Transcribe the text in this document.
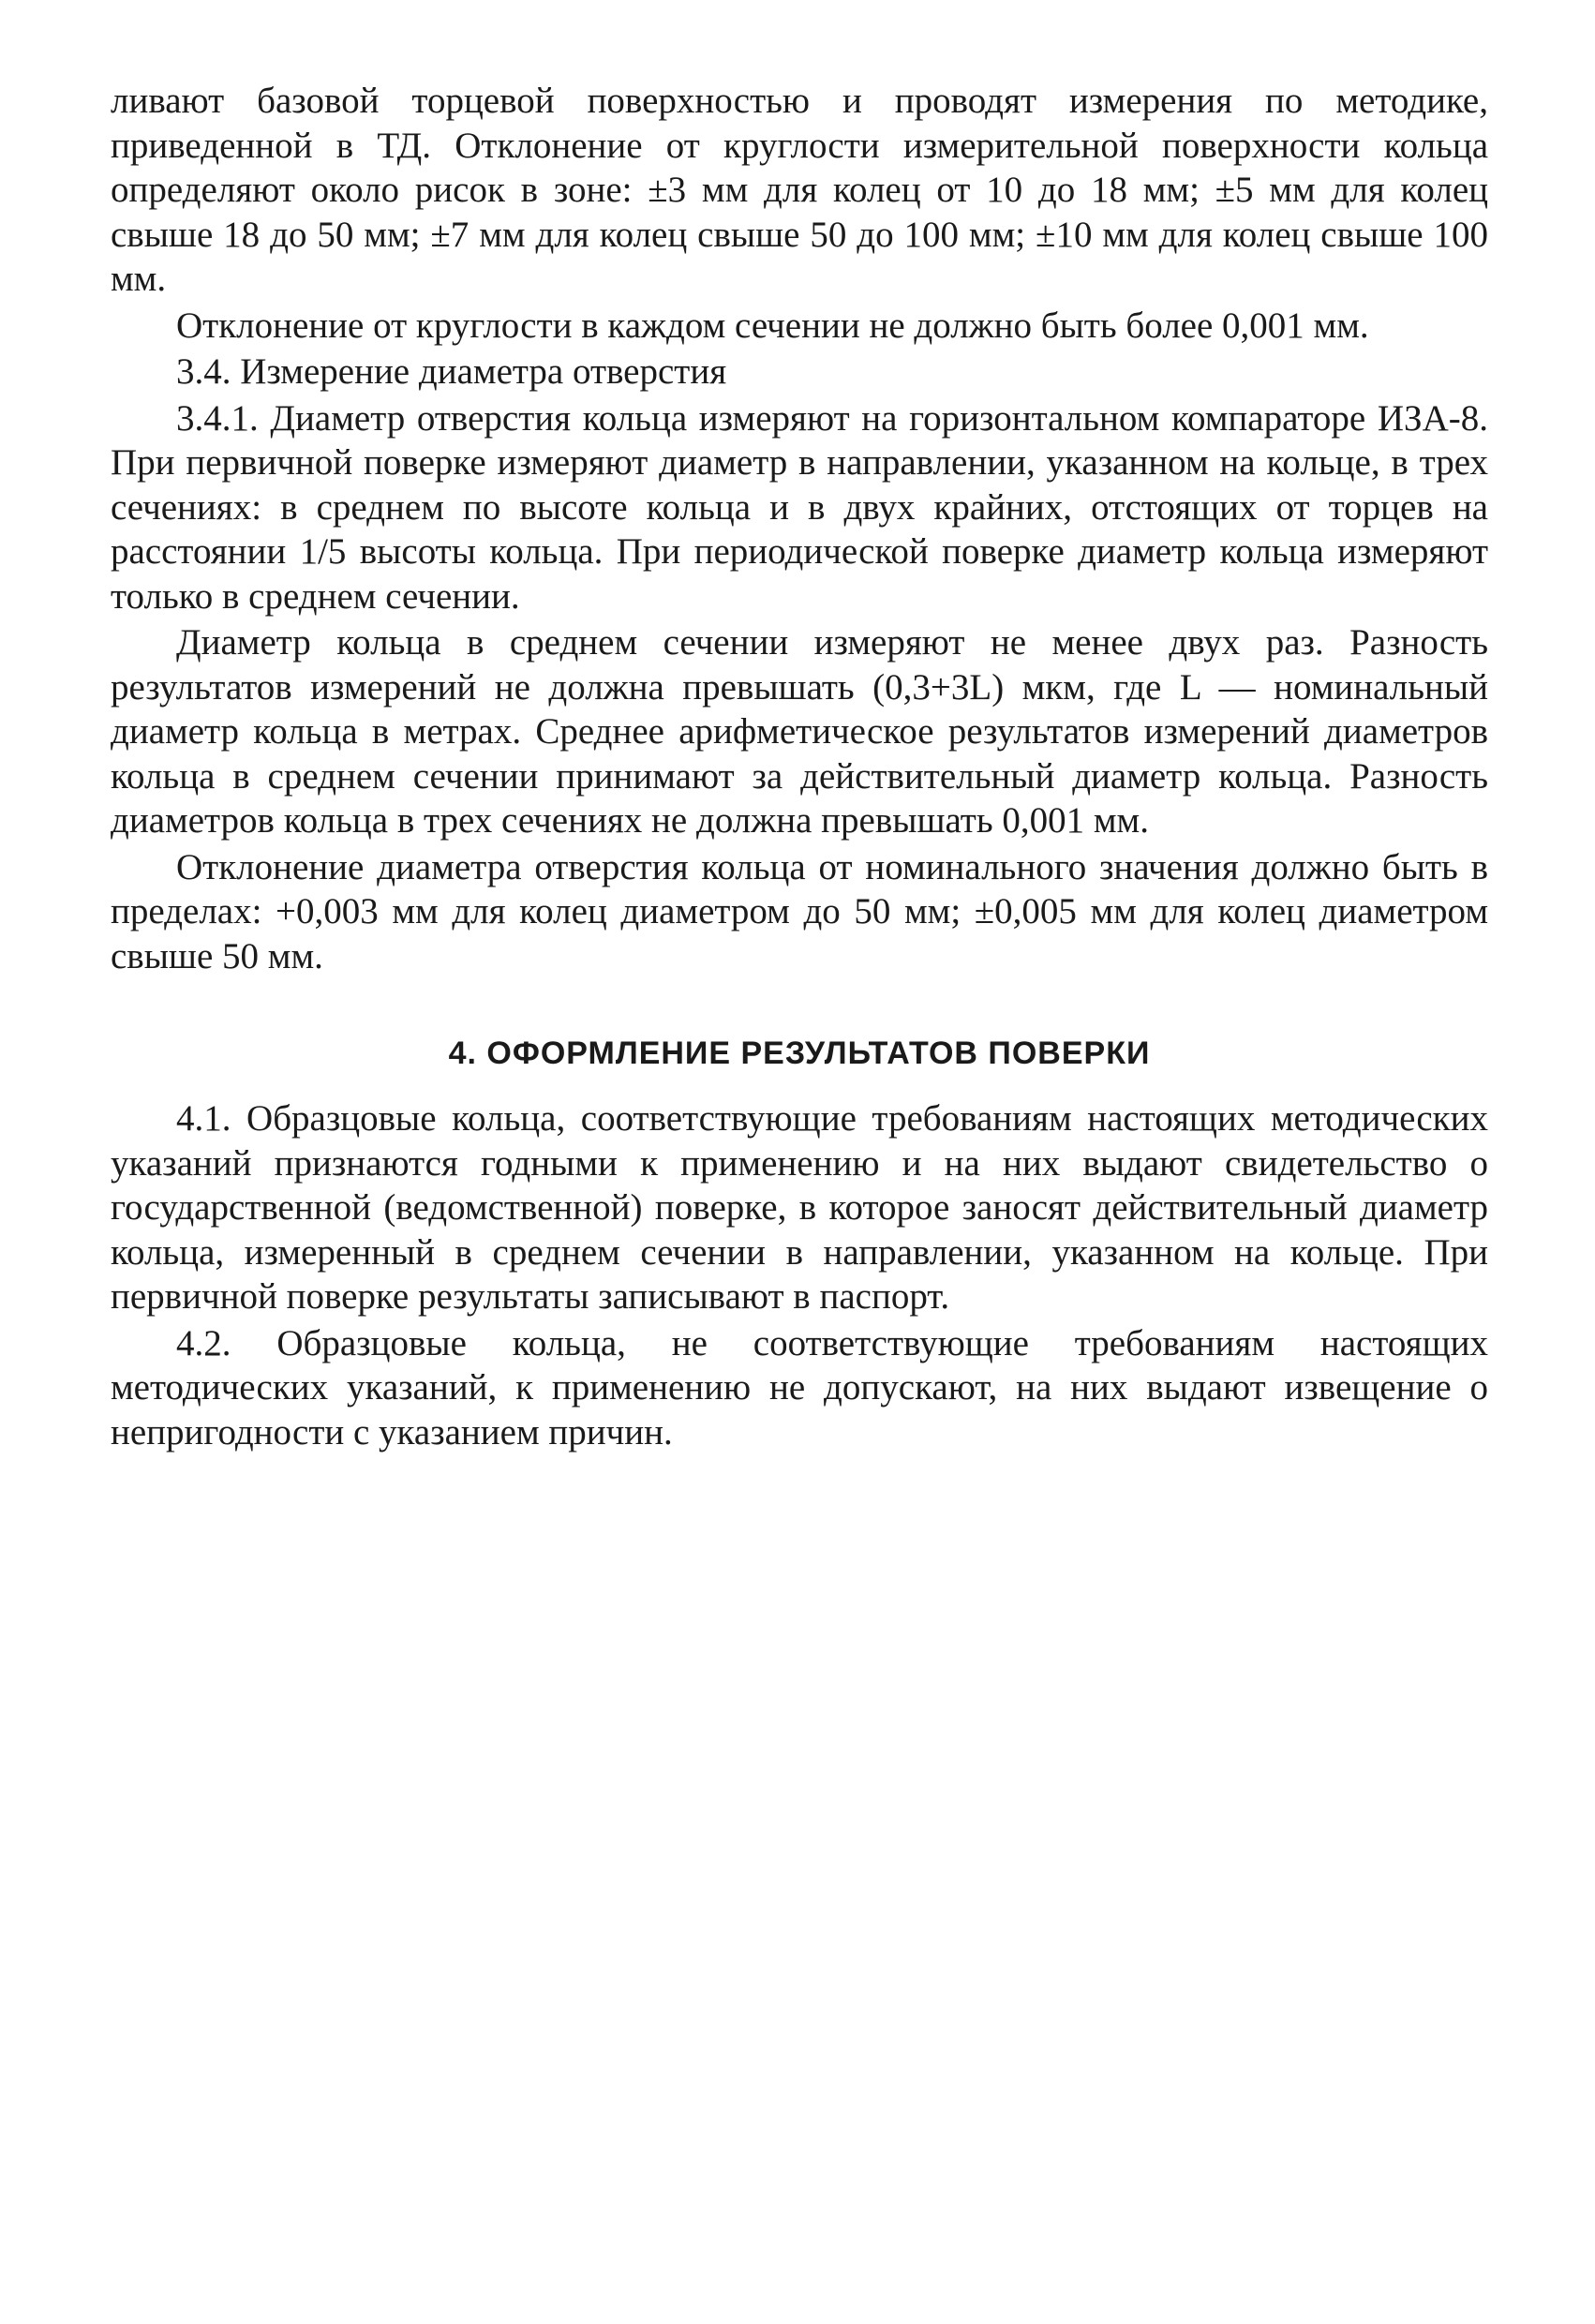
ливают базовой торцевой поверхностью и проводят измерения по методике, приведенной в ТД. Отклонение от круглости измерительной поверхности кольца определяют около рисок в зоне: ±3 мм для колец от 10 до 18 мм; ±5 мм для колец свыше 18 до 50 мм; ±7 мм для колец свыше 50 до 100 мм; ±10 мм для колец свыше 100 мм.

Отклонение от круглости в каждом сечении не должно быть более 0,001 мм.

3.4. Измерение диаметра отверстия

3.4.1. Диаметр отверстия кольца измеряют на горизонтальном компараторе ИЗА-8. При первичной поверке измеряют диаметр в направлении, указанном на кольце, в трех сечениях: в среднем по высоте кольца и в двух крайних, отстоящих от торцев на расстоянии 1/5 высоты кольца. При периодической поверке диаметр кольца измеряют только в среднем сечении.

Диаметр кольца в среднем сечении измеряют не менее двух раз. Разность результатов измерений не должна превышать (0,3+3L) мкм, где L — номинальный диаметр кольца в метрах. Среднее арифметическое результатов измерений диаметров кольца в среднем сечении принимают за действительный диаметр кольца. Разность диаметров кольца в трех сечениях не должна превышать 0,001 мм.

Отклонение диаметра отверстия кольца от номинального значения должно быть в пределах: +0,003 мм для колец диаметром до 50 мм; ±0,005 мм для колец диаметром свыше 50 мм.

4. ОФОРМЛЕНИЕ РЕЗУЛЬТАТОВ ПОВЕРКИ

4.1. Образцовые кольца, соответствующие требованиям настоящих методических указаний признаются годными к применению и на них выдают свидетельство о государственной (ведомственной) поверке, в которое заносят действительный диаметр кольца, измеренный в среднем сечении в направлении, указанном на кольце. При первичной поверке результаты записывают в паспорт.

4.2. Образцовые кольца, не соответствующие требованиям настоящих методических указаний, к применению не допускают, на них выдают извещение о непригодности с указанием причин.
